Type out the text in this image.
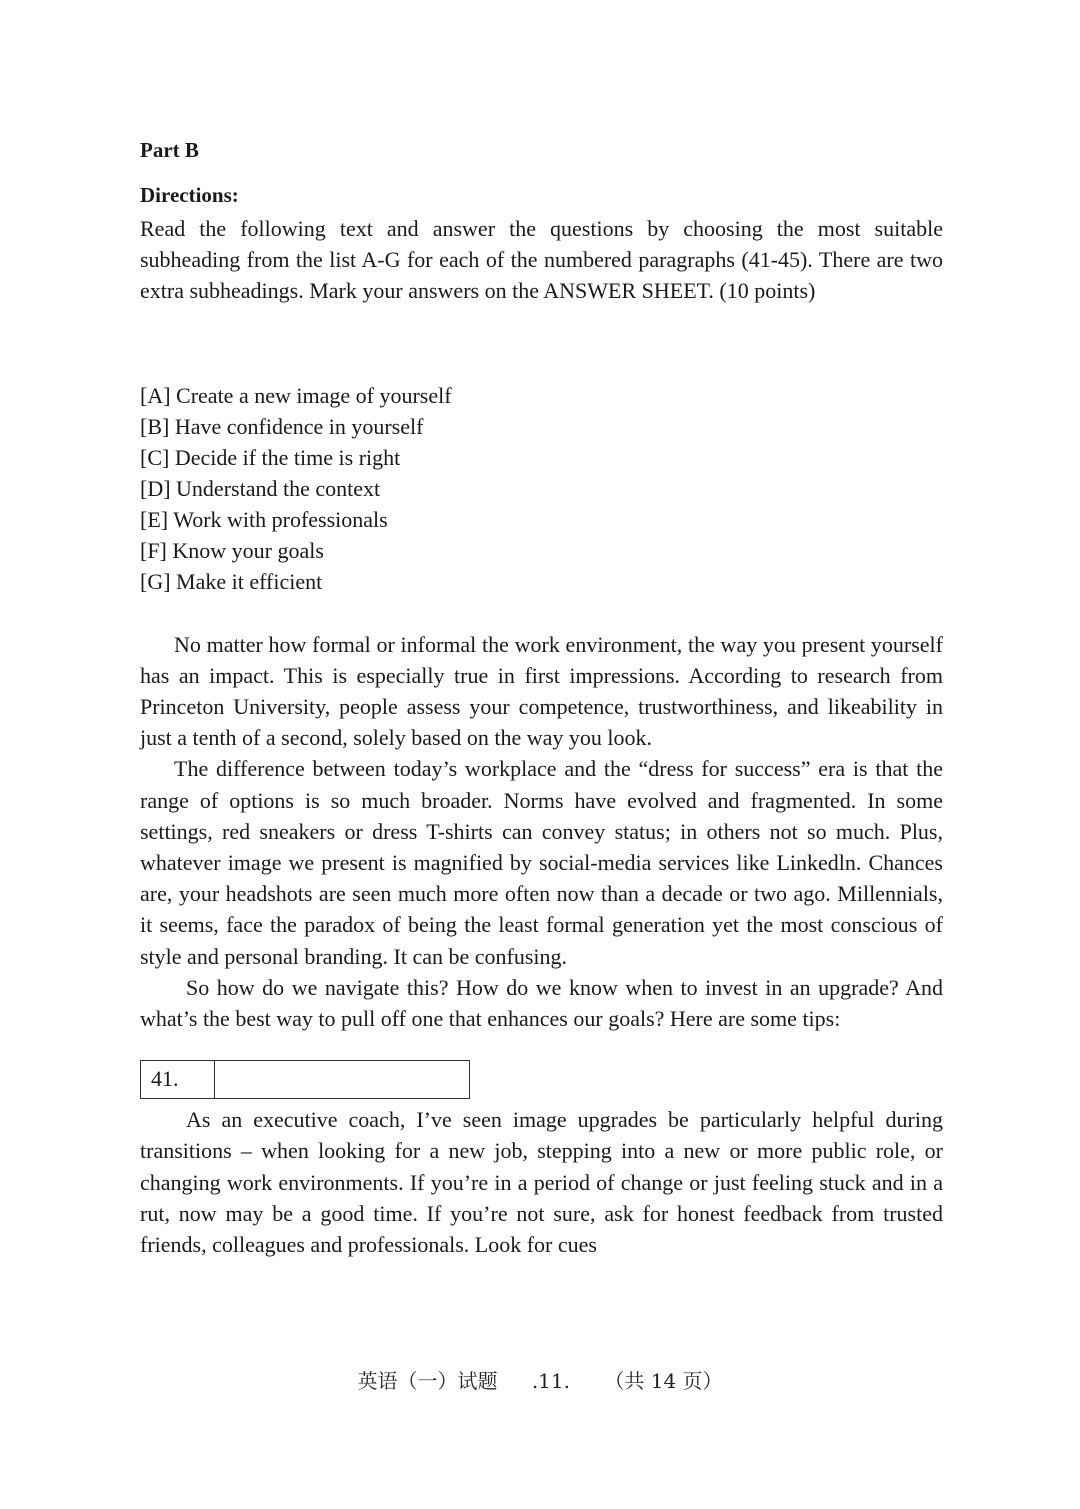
Part B

Directions:

Read the following text and answer the questions by choosing the most suitable subheading from the list A-G for each of the numbered paragraphs (41-45). There are two extra subheadings. Mark your answers on the ANSWER SHEET. (10 points)

[A] Create a new image of yourself
[B] Have confidence in yourself
[C] Decide if the time is right
[D] Understand the context
[E] Work with professionals
[F] Know your goals
[G] Make it efficient

No matter how formal or informal the work environment, the way you present yourself has an impact. This is especially true in first impressions. According to research from Princeton University, people assess your competence, trustworthiness, and likeability in just a tenth of a second, solely based on the way you look.

The difference between today’s workplace and the “dress for success” era is that the range of options is so much broader. Norms have evolved and fragmented. In some settings, red sneakers or dress T-shirts can convey status; in others not so much. Plus, whatever image we present is magnified by social-media services like Linkedln. Chances are, your headshots are seen much more often now than a decade or two ago. Millennials, it seems, face the paradox of being the least formal generation yet the most conscious of style and personal branding. It can be confusing.

So how do we navigate this? How do we know when to invest in an upgrade? And what’s the best way to pull off one that enhances our goals? Here are some tips:

41.

As an executive coach, I’ve seen image upgrades be particularly helpful during transitions – when looking for a new job, stepping into a new or more public role, or changing work environments. If you’re in a period of change or just feeling stuck and in a rut, now may be a good time. If you’re not sure, ask for honest feedback from trusted friends, colleagues and professionals. Look for cues

英语（一）试题 .11. （共 14 页）
